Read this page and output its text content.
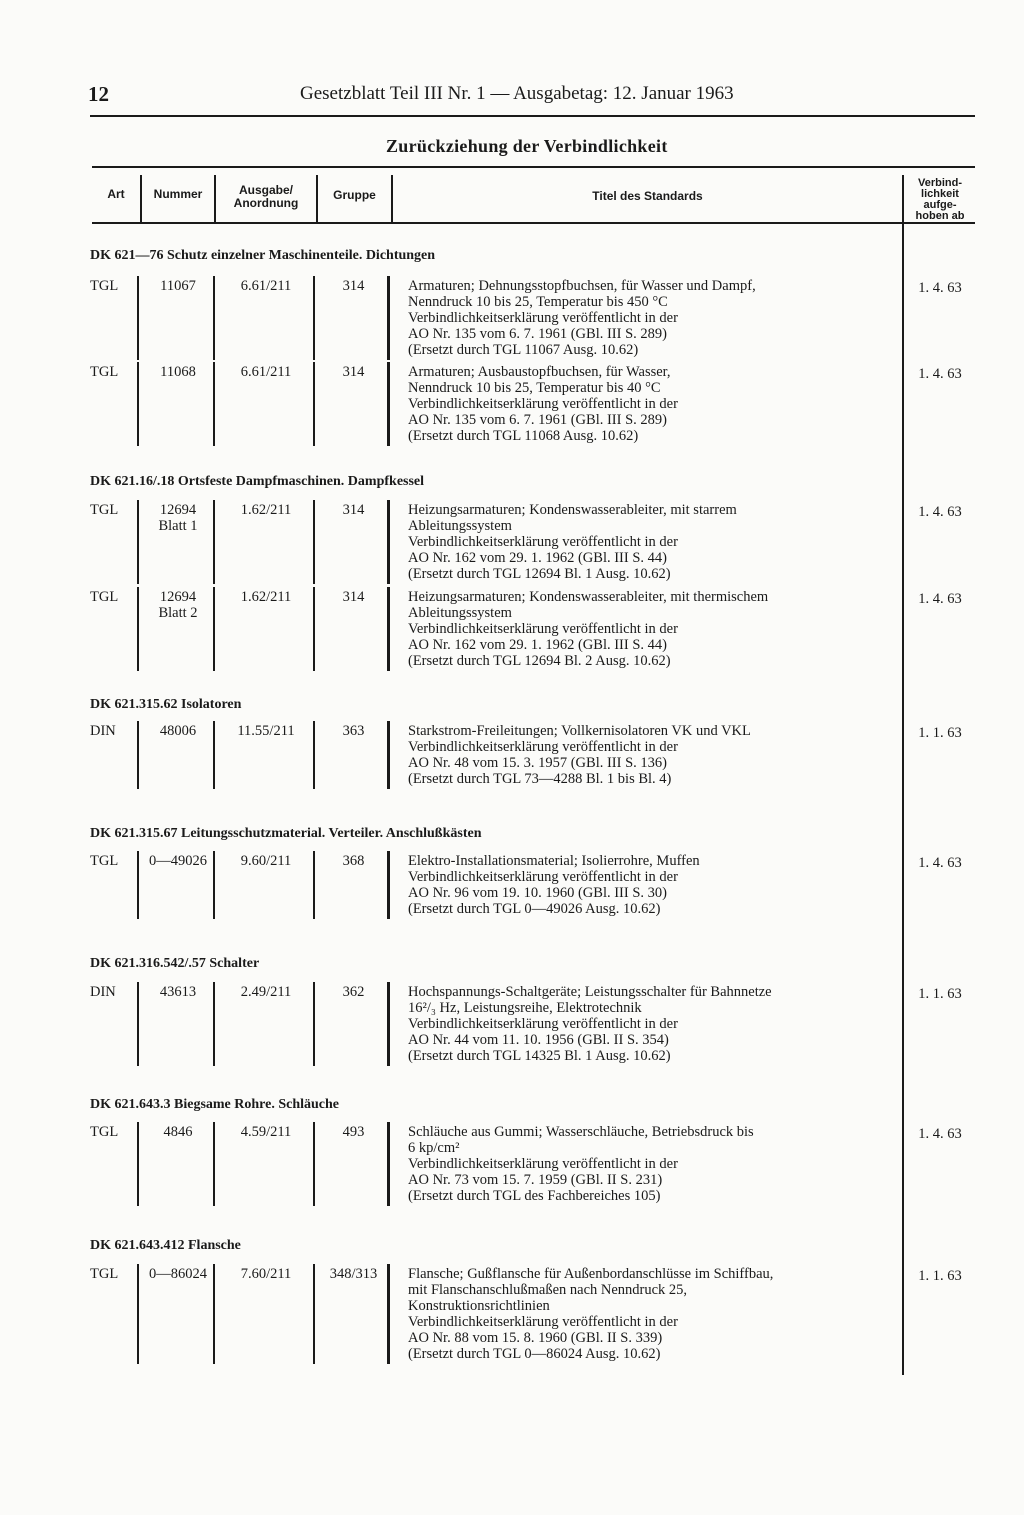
12	Gesetzblatt Teil III Nr. 1 — Ausgabetag: 12. Januar 1963
Zurückziehung der Verbindlichkeit
Art	Nummer	Ausgabe/
Anordnung
Gruppe	Titel des Standards
Verbind-
lichkeit
aufge-
hoben ab
DK 621—76 Schutz einzelner Maschinenteile. Dichtungen
TGL	11067	6.61/211	314	Armaturen; Dehnungsstopfbuchsen, für Wasser und Dampf,
Nenndruck 10 bis 25, Temperatur bis 450 °C
Verbindlichkeitserklärung veröffentlicht in der
AO Nr. 135 vom 6. 7. 1961 (GBl. III S. 289)
(Ersetzt durch TGL 11067 Ausg. 10.62)
1. 4. 63
TGL	11068	6.61/211	314	Armaturen; Ausbaustopfbuchsen, für Wasser,
Nenndruck 10 bis 25, Temperatur bis 40 °C
Verbindlichkeitserklärung veröffentlicht in der
AO Nr. 135 vom 6. 7. 1961 (GBl. III S. 289)
(Ersetzt durch TGL 11068 Ausg. 10.62)
1. 4. 63
DK 621.16/.18 Ortsfeste Dampfmaschinen. Dampfkessel
TGL	12694
Blatt 1
1.62/211	314	Heizungsarmaturen; Kondenswasserableiter, mit starrem
Ableitungssystem
Verbindlichkeitserklärung veröffentlicht in der
AO Nr. 162 vom 29. 1. 1962 (GBl. III S. 44)
(Ersetzt durch TGL 12694 Bl. 1 Ausg. 10.62)
1. 4. 63
TGL	12694
Blatt 2
1.62/211	314	Heizungsarmaturen; Kondenswasserableiter, mit thermischem
Ableitungssystem
Verbindlichkeitserklärung veröffentlicht in der
AO Nr. 162 vom 29. 1. 1962 (GBl. III S. 44)
(Ersetzt durch TGL 12694 Bl. 2 Ausg. 10.62)
1. 4. 63
DK 621.315.62 Isolatoren
DIN	48006	11.55/211	363	Starkstrom-Freileitungen; Vollkernisolatoren VK und VKL
Verbindlichkeitserklärung veröffentlicht in der
AO Nr. 48 vom 15. 3. 1957 (GBl. III S. 136)
(Ersetzt durch TGL 73—4288 Bl. 1 bis Bl. 4)
1. 1. 63
DK 621.315.67 Leitungsschutzmaterial. Verteiler. Anschlußkästen
TGL	0—49026	9.60/211	368	Elektro-Installationsmaterial; Isolierrohre, Muffen
Verbindlichkeitserklärung veröffentlicht in der
AO Nr. 96 vom 19. 10. 1960 (GBl. III S. 30)
(Ersetzt durch TGL 0—49026 Ausg. 10.62)
1. 4. 63
DK 621.316.542/.57 Schalter
DIN	43613	2.49/211	362	Hochspannungs-Schaltgeräte; Leistungsschalter für Bahnnetze
16²/₃ Hz, Leistungsreihe, Elektrotechnik
Verbindlichkeitserklärung veröffentlicht in der
AO Nr. 44 vom 11. 10. 1956 (GBl. II S. 354)
(Ersetzt durch TGL 14325 Bl. 1 Ausg. 10.62)
1. 1. 63
DK 621.643.3 Biegsame Rohre. Schläuche
TGL	4846	4.59/211	493	Schläuche aus Gummi; Wasserschläuche, Betriebsdruck bis
6 kp/cm²
Verbindlichkeitserklärung veröffentlicht in der
AO Nr. 73 vom 15. 7. 1959 (GBl. II S. 231)
(Ersetzt durch TGL des Fachbereiches 105)
1. 4. 63
DK 621.643.412 Flansche
TGL	0—86024	7.60/211	348/313	Flansche; Gußflansche für Außenbordanschlüsse im Schiffbau,
mit Flanschanschlußmaßen nach Nenndruck 25,
Konstruktionsrichtlinien
Verbindlichkeitserklärung veröffentlicht in der
AO Nr. 88 vom 15. 8. 1960 (GBl. II S. 339)
(Ersetzt durch TGL 0—86024 Ausg. 10.62)
1. 1. 63
